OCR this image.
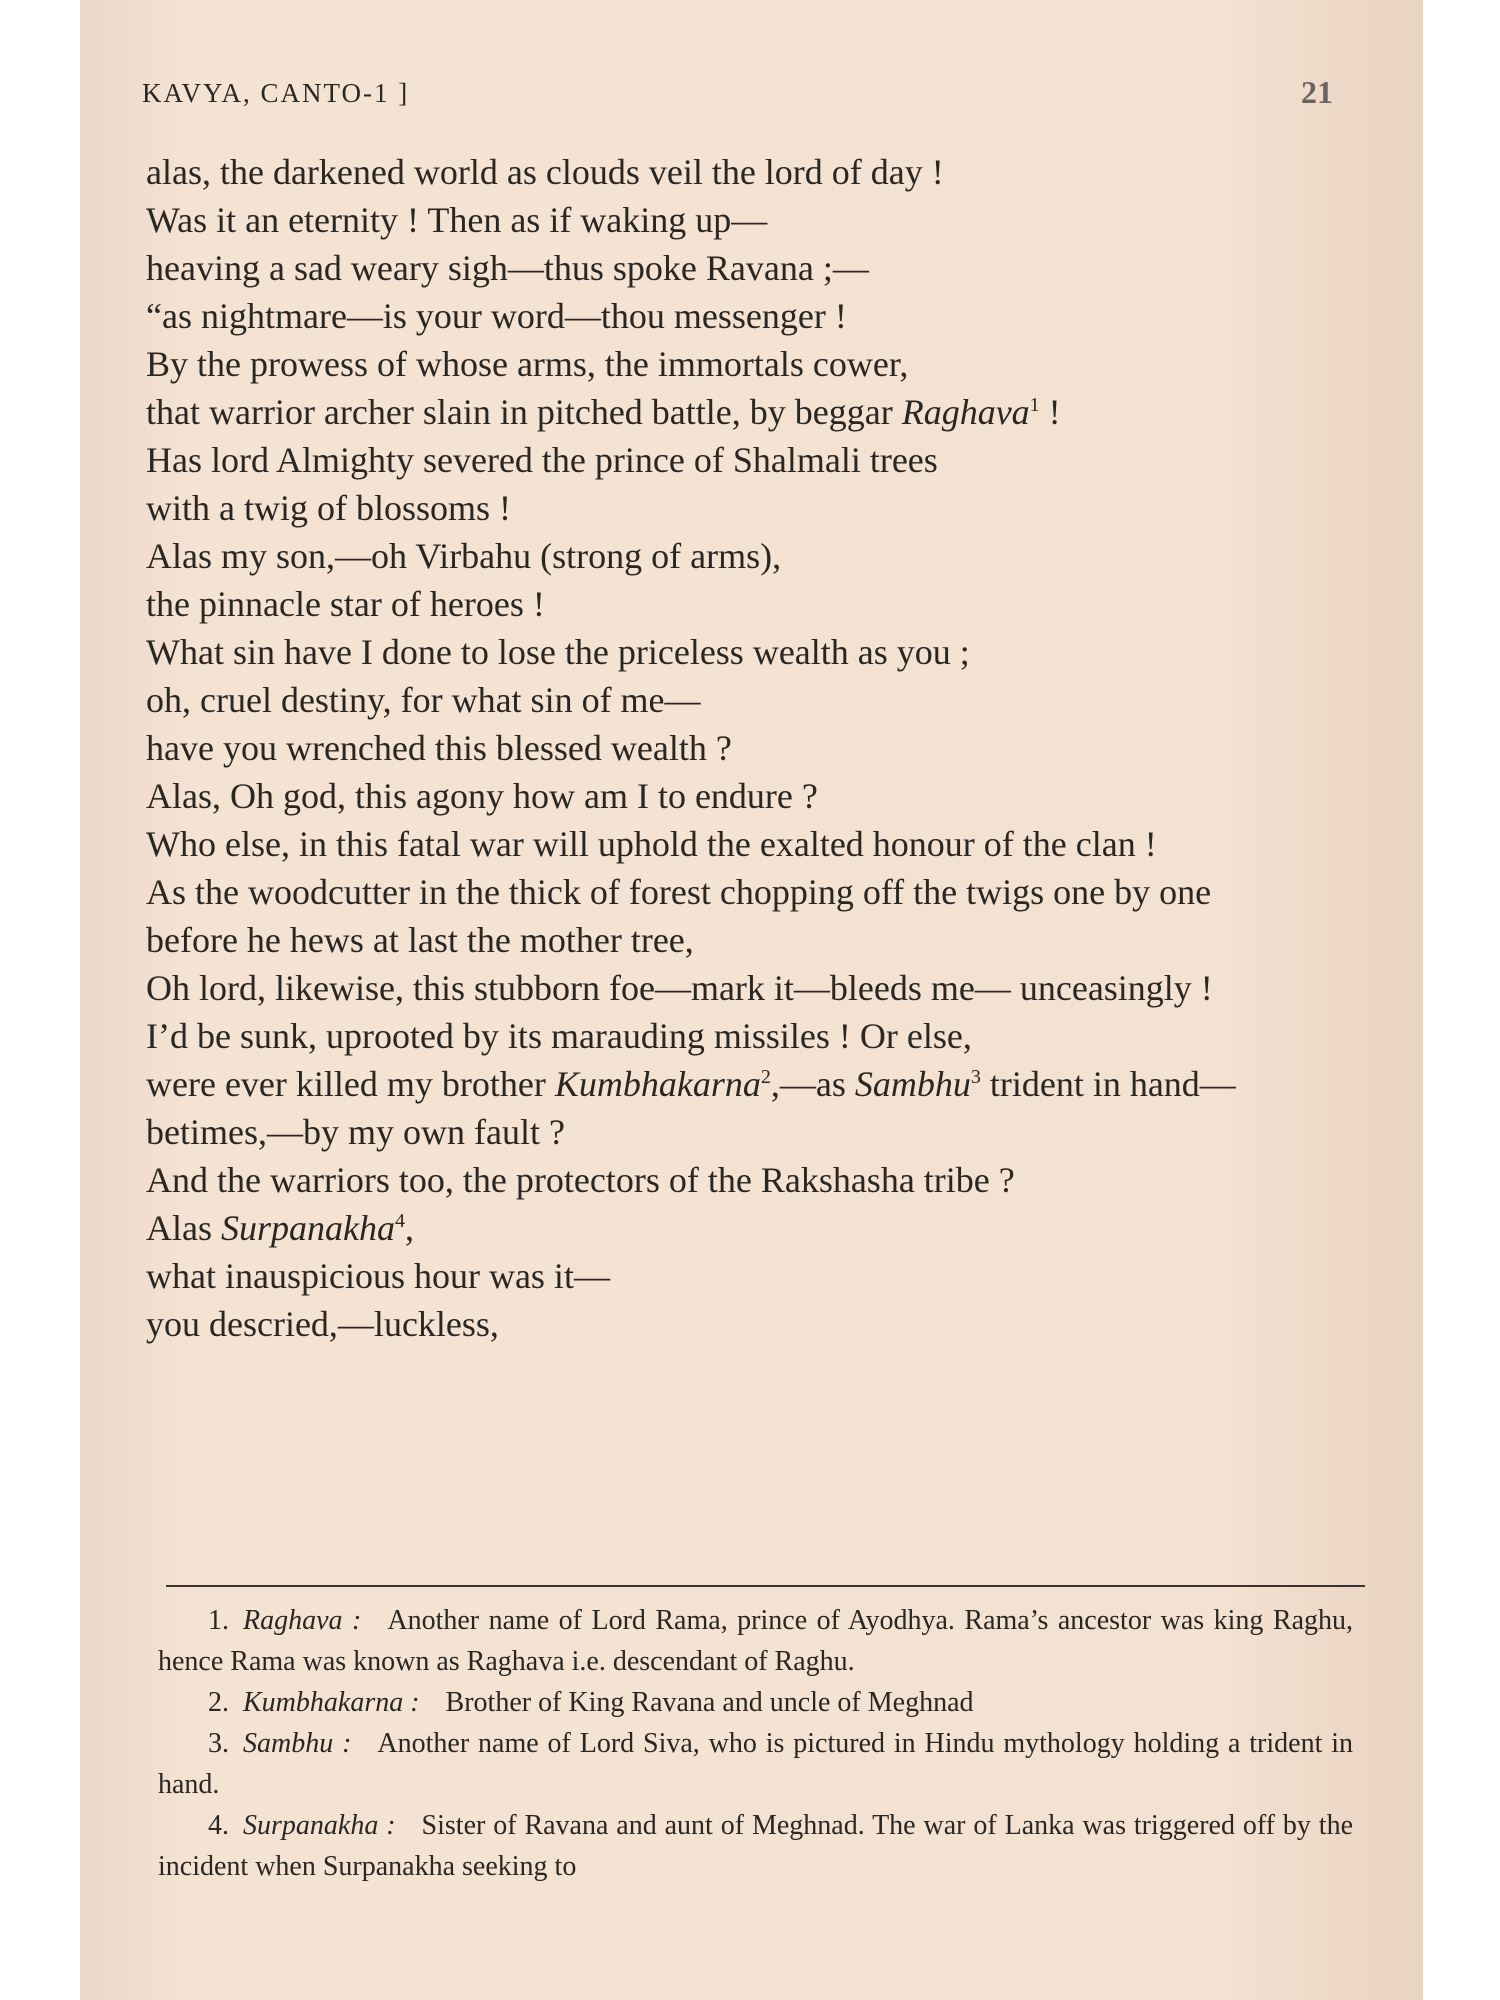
KAVYA, CANTO-1 ]	21

alas, the darkened world as clouds veil the lord of day !

Was it an eternity ! Then as if waking up—

heaving a sad weary sigh—thus spoke Ravana ;—

“as nightmare—is your word—thou messenger !

By the prowess of whose arms, the immortals cower,

that warrior archer slain in pitched battle, by beggar Raghava$^1$ !

Has lord Almighty severed the prince of Shalmali trees

with a twig of blossoms !

Alas my son,—oh Virbahu (strong of arms),

the pinnacle star of heroes !

What sin have I done to lose the priceless wealth as you ;

oh, cruel destiny, for what sin of me—

have you wrenched this blessed wealth ?

Alas, Oh god, this agony how am I to endure ?

Who else, in this fatal war will uphold the exalted honour of the clan !

As the woodcutter in the thick of forest chopping off the twigs one by one

before he hews at last the mother tree,

Oh lord, likewise, this stubborn foe—mark it—bleeds me— unceasingly !

I’d be sunk, uprooted by its marauding missiles ! Or else,

were ever killed my brother Kumbhakarna$^2$,—as Sambhu$^3$ trident in hand—

betimes,—by my own fault ?

And the warriors too, the protectors of the Rakshasha tribe ?

Alas Surpanakha$^4$,

what inauspicious hour was it—

you descried,—luckless,

1. Raghava : Another name of Lord Rama, prince of Ayodhya. Rama’s ancestor was king Raghu, hence Rama was known as Raghava i.e. descendant of Raghu.

2. Kumbhakarna : Brother of King Ravana and uncle of Meghnad

3. Sambhu : Another name of Lord Siva, who is pictured in Hindu mythology holding a trident in hand.

4. Surpanakha : Sister of Ravana and aunt of Meghnad. The war of Lanka was triggered off by the incident when Surpanakha seeking to
